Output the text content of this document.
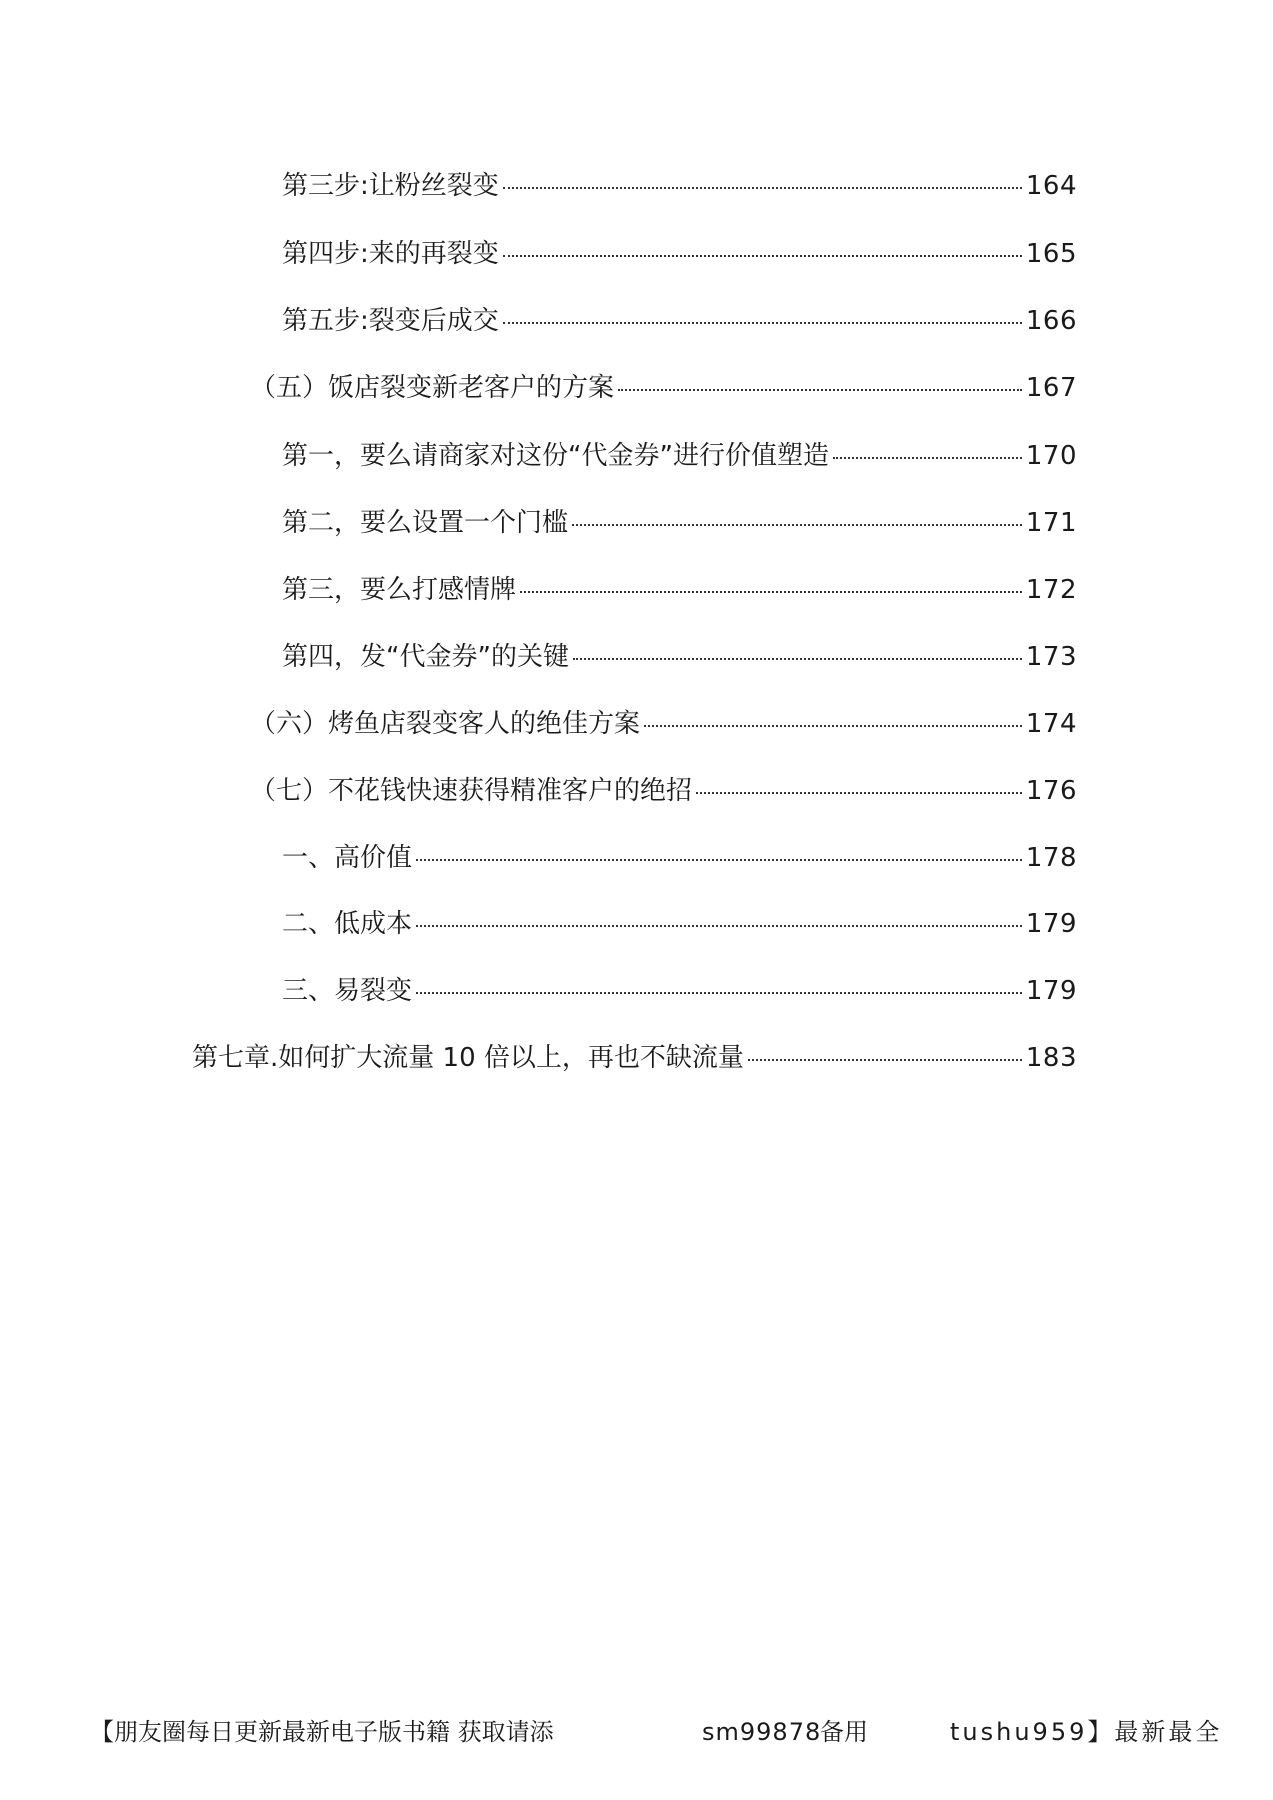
第三步:让粉丝裂变	164
第四步:来的再裂变	165
第五步:裂变后成交	166
（五）饭店裂变新老客户的方案	167
第一，要么请商家对这份“代金券”进行价值塑造	170
第二，要么设置一个门槛	171
第三，要么打感情牌	172
第四，发“代金券”的关键	173
（六）烤鱼店裂变客人的绝佳方案	174
（七）不花钱快速获得精准客户的绝招	176
一、高价值	178
二、低成本	179
三、易裂变	179
第七章.如何扩大流量 10 倍以上，再也不缺流量	183
【朋友圈每日更新最新电子版书籍 获取请添	sm99878
备用	tushu959】最新最全
